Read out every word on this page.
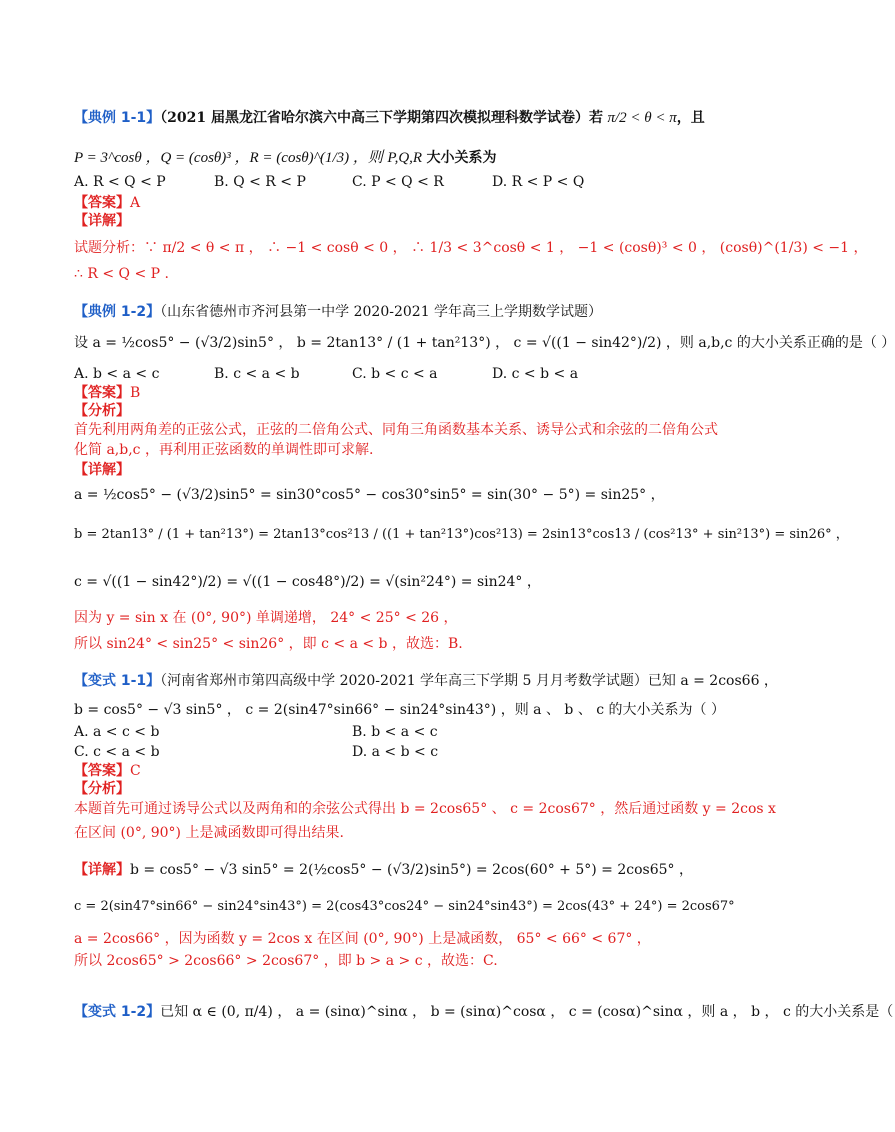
【典例 1-1】（2021 届黑龙江省哈尔滨六中高三下学期第四次模拟理科数学试卷）若 π/2 < θ < π，且
P = 3^cosθ ，Q = (cosθ)³ ，R = (cosθ)^(1/3) ，则 P,Q,R 大小关系为
A. R < Q < P	B. Q < R < P	C. P < Q < R	D. R < P < Q
【答案】A
【详解】
试题分析：∵ π/2 < θ < π ， ∴ −1 < cosθ < 0 ， ∴ 1/3 < 3^cosθ < 1 ， −1 < (cosθ)³ < 0 ， (cosθ)^(1/3) < −1 ，
∴ R < Q < P .
【典例 1-2】（山东省德州市齐河县第一中学 2020-2021 学年高三上学期数学试题）
设 a = ½cos5° − (√3/2)sin5° ， b = 2tan13° / (1 + tan²13°) ， c = √((1 − sin42°)/2) ，则 a,b,c 的大小关系正确的是（ ）
A. b < a < c	B. c < a < b	C. b < c < a	D. c < b < a
【答案】B
【分析】
首先利用两角差的正弦公式，正弦的二倍角公式、同角三角函数基本关系、诱导公式和余弦的二倍角公式
化简 a,b,c ，再利用正弦函数的单调性即可求解.
【详解】
a = ½cos5° − (√3/2)sin5° = sin30°cos5° − cos30°sin5° = sin(30° − 5°) = sin25° ，
b = 2tan13° / (1 + tan²13°) = 2tan13°cos²13 / ((1 + tan²13°)cos²13) = 2sin13°cos13 / (cos²13° + sin²13°) = sin26° ，
c = √((1 − sin42°)/2) = √((1 − cos48°)/2) = √(sin²24°) = sin24° ，
因为 y = sin x 在 (0°, 90°) 单调递增， 24° < 25° < 26 ，
所以 sin24° < sin25° < sin26° ，即 c < a < b ，故选：B.
【变式 1-1】（河南省郑州市第四高级中学 2020-2021 学年高三下学期 5 月月考数学试题）已知 a = 2cos66 ，
b = cos5° − √3 sin5° ， c = 2(sin47°sin66° − sin24°sin43°) ，则 a 、 b 、 c 的大小关系为（ ）
A. a < c < b	B. b < a < c
C. c < a < b	D. a < b < c
【答案】C
【分析】
本题首先可通过诱导公式以及两角和的余弦公式得出 b = 2cos65° 、 c = 2cos67° ，然后通过函数 y = 2cos x
在区间 (0°, 90°) 上是减函数即可得出结果.
【详解】b = cos5° − √3 sin5° = 2(½cos5° − (√3/2)sin5°) = 2cos(60° + 5°) = 2cos65° ，
c = 2(sin47°sin66° − sin24°sin43°) = 2(cos43°cos24° − sin24°sin43°) = 2cos(43° + 24°) = 2cos67°
a = 2cos66° ，因为函数 y = 2cos x 在区间 (0°, 90°) 上是减函数， 65° < 66° < 67° ，
所以 2cos65° > 2cos66° > 2cos67° ，即 b > a > c ，故选：C.
【变式 1-2】已知 α ∈ (0, π/4) ， a = (sinα)^sinα ， b = (sinα)^cosα ， c = (cosα)^sinα ，则 a ， b ， c 的大小关系是（
